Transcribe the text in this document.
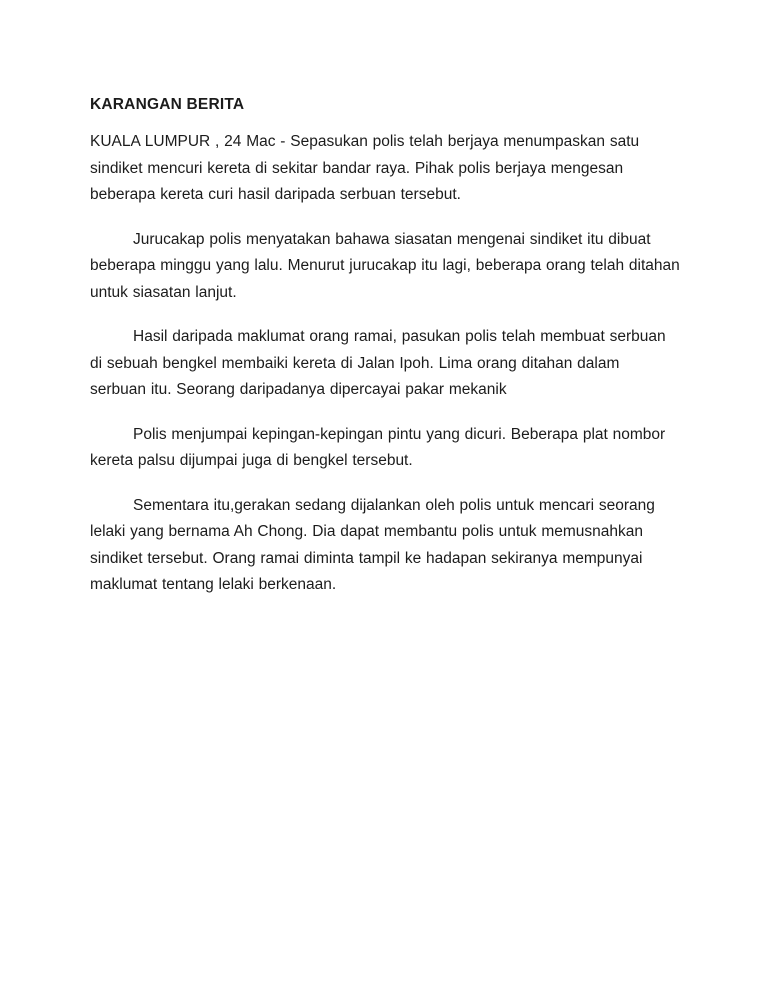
KARANGAN BERITA

KUALA LUMPUR , 24 Mac - Sepasukan polis telah berjaya menumpaskan satu sindiket mencuri kereta di sekitar bandar raya. Pihak polis berjaya mengesan beberapa kereta curi hasil daripada serbuan tersebut.

Jurucakap polis menyatakan bahawa siasatan mengenai sindiket itu dibuat beberapa minggu yang lalu. Menurut jurucakap itu lagi, beberapa orang telah ditahan untuk siasatan lanjut.

Hasil daripada maklumat orang ramai, pasukan polis telah membuat serbuan di sebuah bengkel membaiki kereta di Jalan Ipoh. Lima orang ditahan dalam serbuan itu. Seorang daripadanya dipercayai pakar mekanik

Polis menjumpai kepingan-kepingan pintu yang dicuri. Beberapa plat nombor kereta palsu dijumpai juga di bengkel tersebut.

Sementara itu,gerakan sedang dijalankan oleh polis untuk mencari seorang lelaki yang bernama Ah Chong. Dia dapat membantu polis untuk memusnahkan sindiket tersebut. Orang ramai diminta tampil ke hadapan sekiranya mempunyai maklumat tentang lelaki berkenaan.
